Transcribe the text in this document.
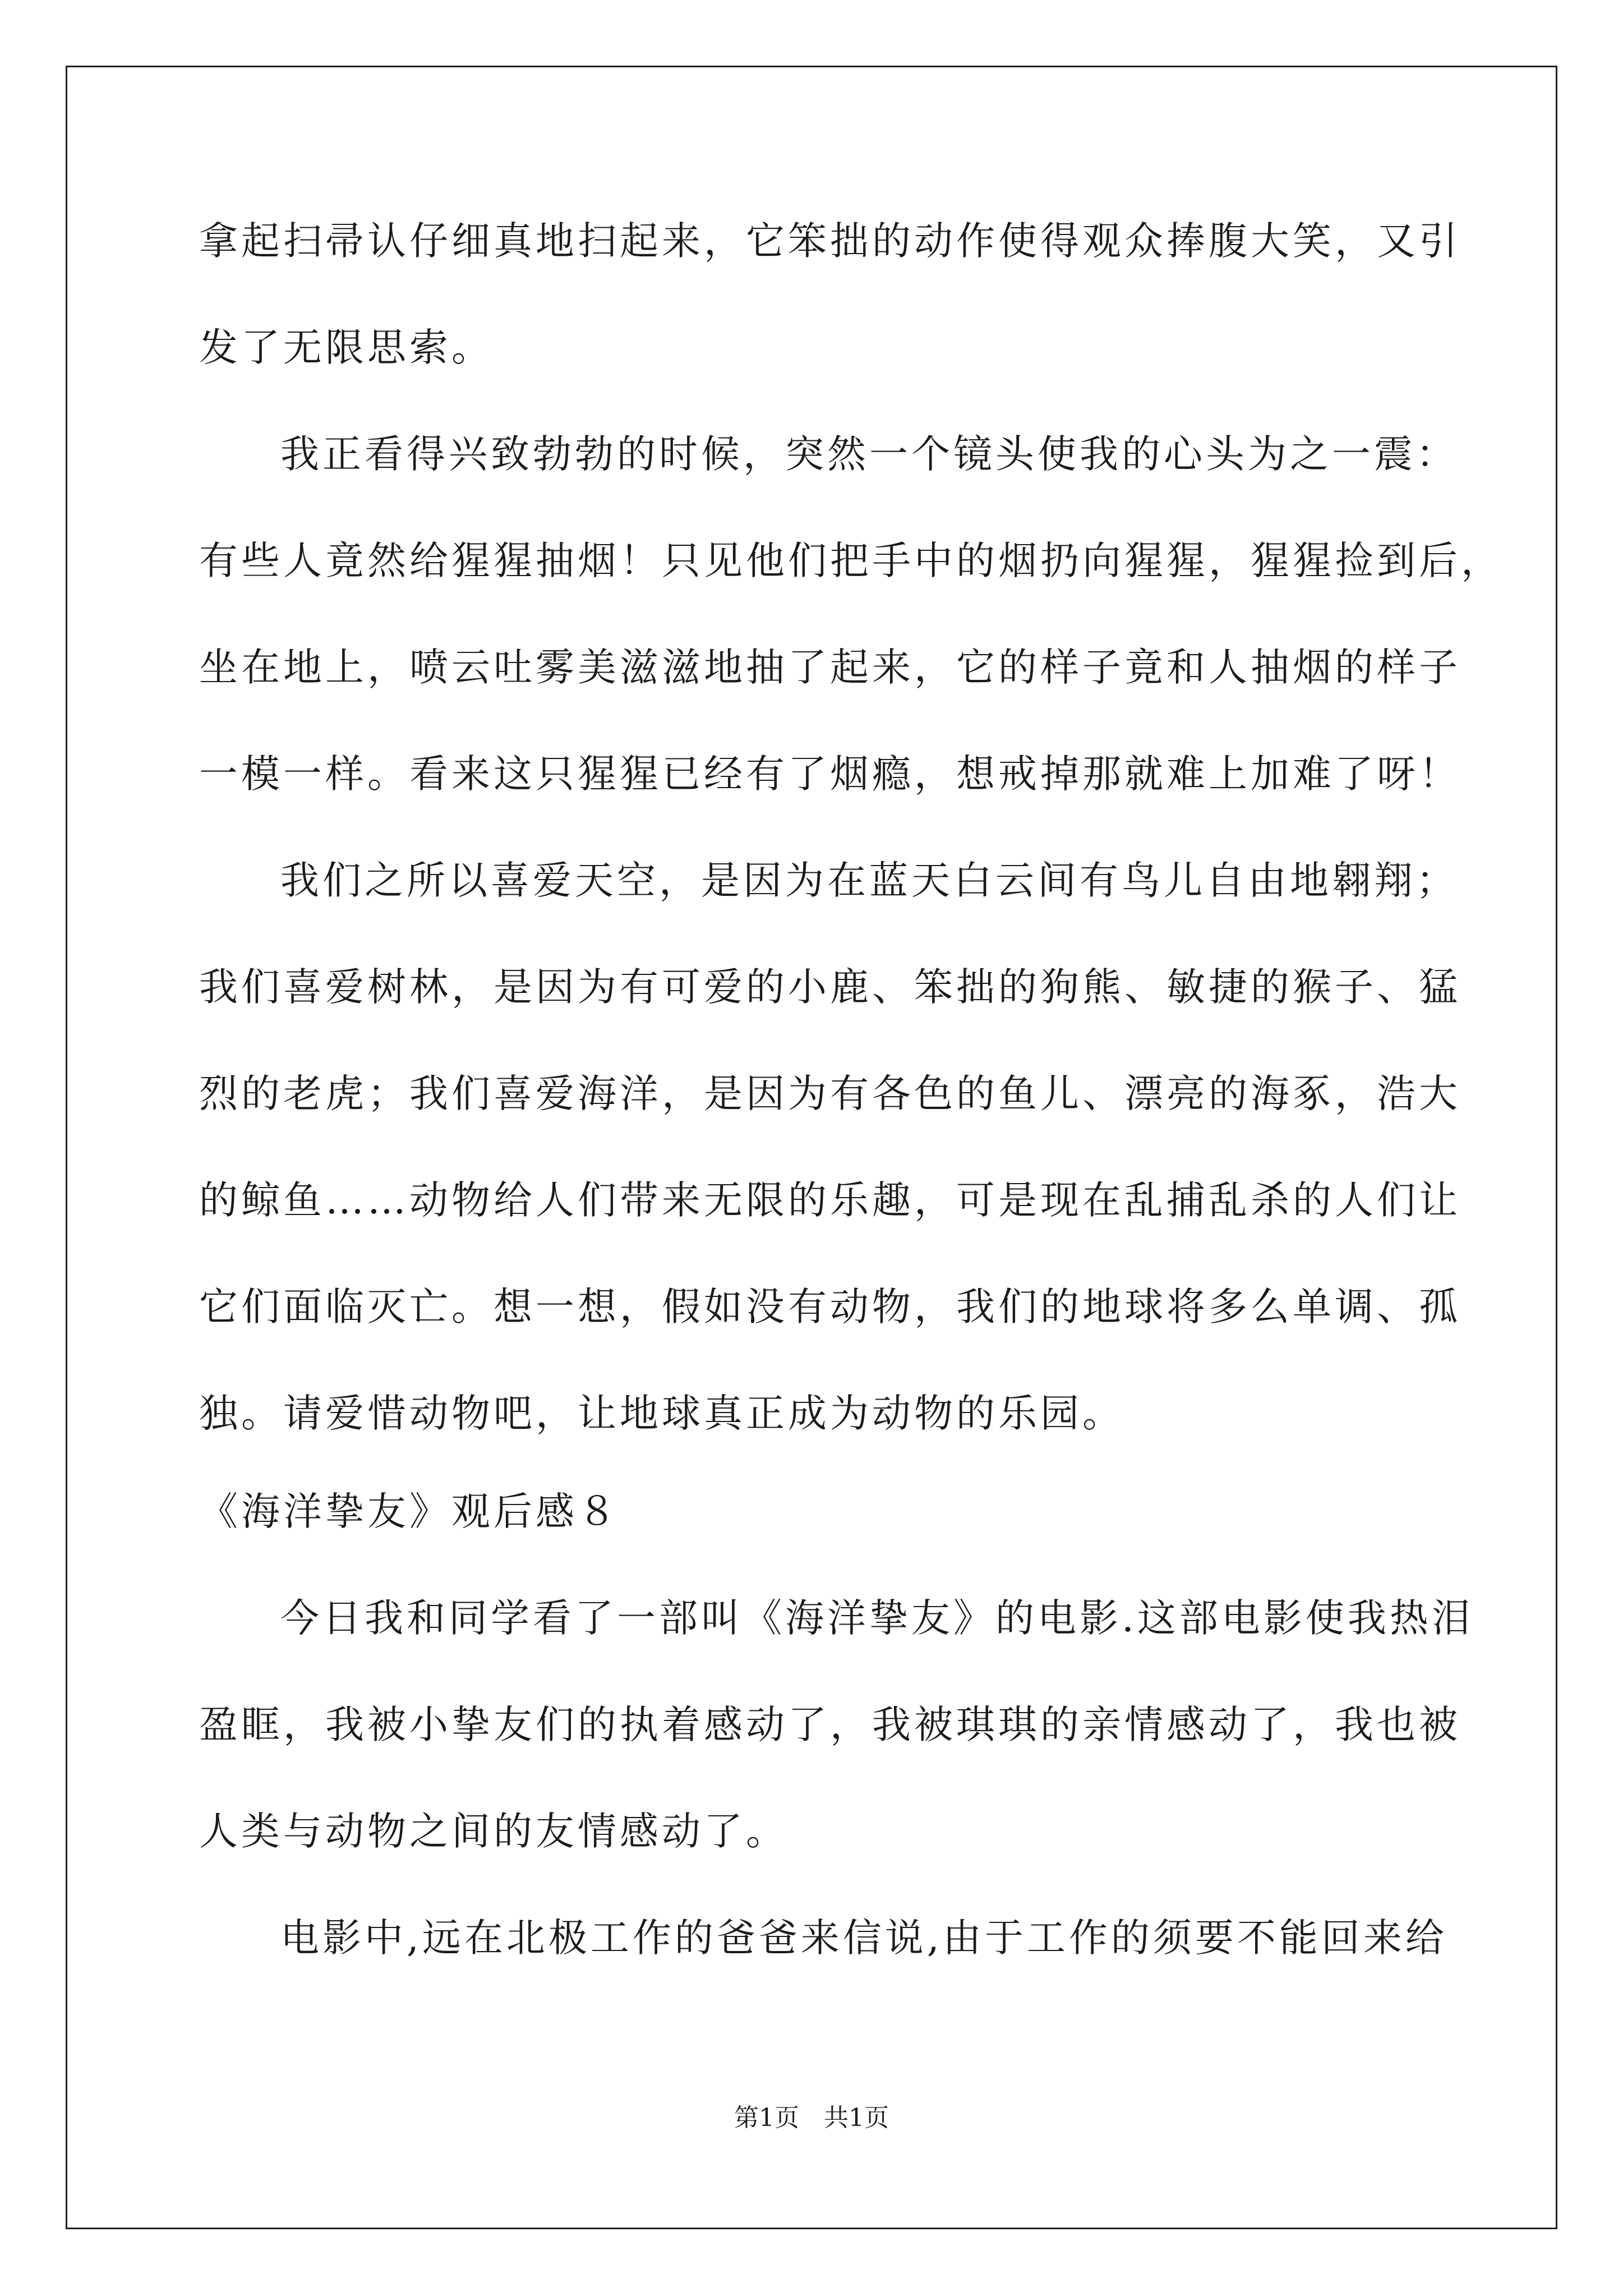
拿起扫帚认仔细真地扫起来，它笨拙的动作使得观众捧腹大笑，又引
发了无限思索。
我正看得兴致勃勃的时候，突然一个镜头使我的心头为之一震：
有些人竟然给猩猩抽烟！只见他们把手中的烟扔向猩猩，猩猩捡到后，
坐在地上，喷云吐雾美滋滋地抽了起来，它的样子竟和人抽烟的样子
一模一样。看来这只猩猩已经有了烟瘾，想戒掉那就难上加难了呀！
我们之所以喜爱天空，是因为在蓝天白云间有鸟儿自由地翱翔；
我们喜爱树林，是因为有可爱的小鹿、笨拙的狗熊、敏捷的猴子、猛
烈的老虎；我们喜爱海洋，是因为有各色的鱼儿、漂亮的海豖，浩大
的鲸鱼……动物给人们带来无限的乐趣，可是现在乱捕乱杀的人们让
它们面临灭亡。想一想，假如没有动物，我们的地球将多么单调、孤
独。请爱惜动物吧，让地球真正成为动物的乐园。
《海洋挚友》观后感８
今日我和同学看了一部叫《海洋挚友》的电影.这部电影使我热泪
盈眶，我被小挚友们的执着感动了，我被琪琪的亲情感动了，我也被
人类与动物之间的友情感动了。
电影中,远在北极工作的爸爸来信说,由于工作的须要不能回来给
第1页　共1页
